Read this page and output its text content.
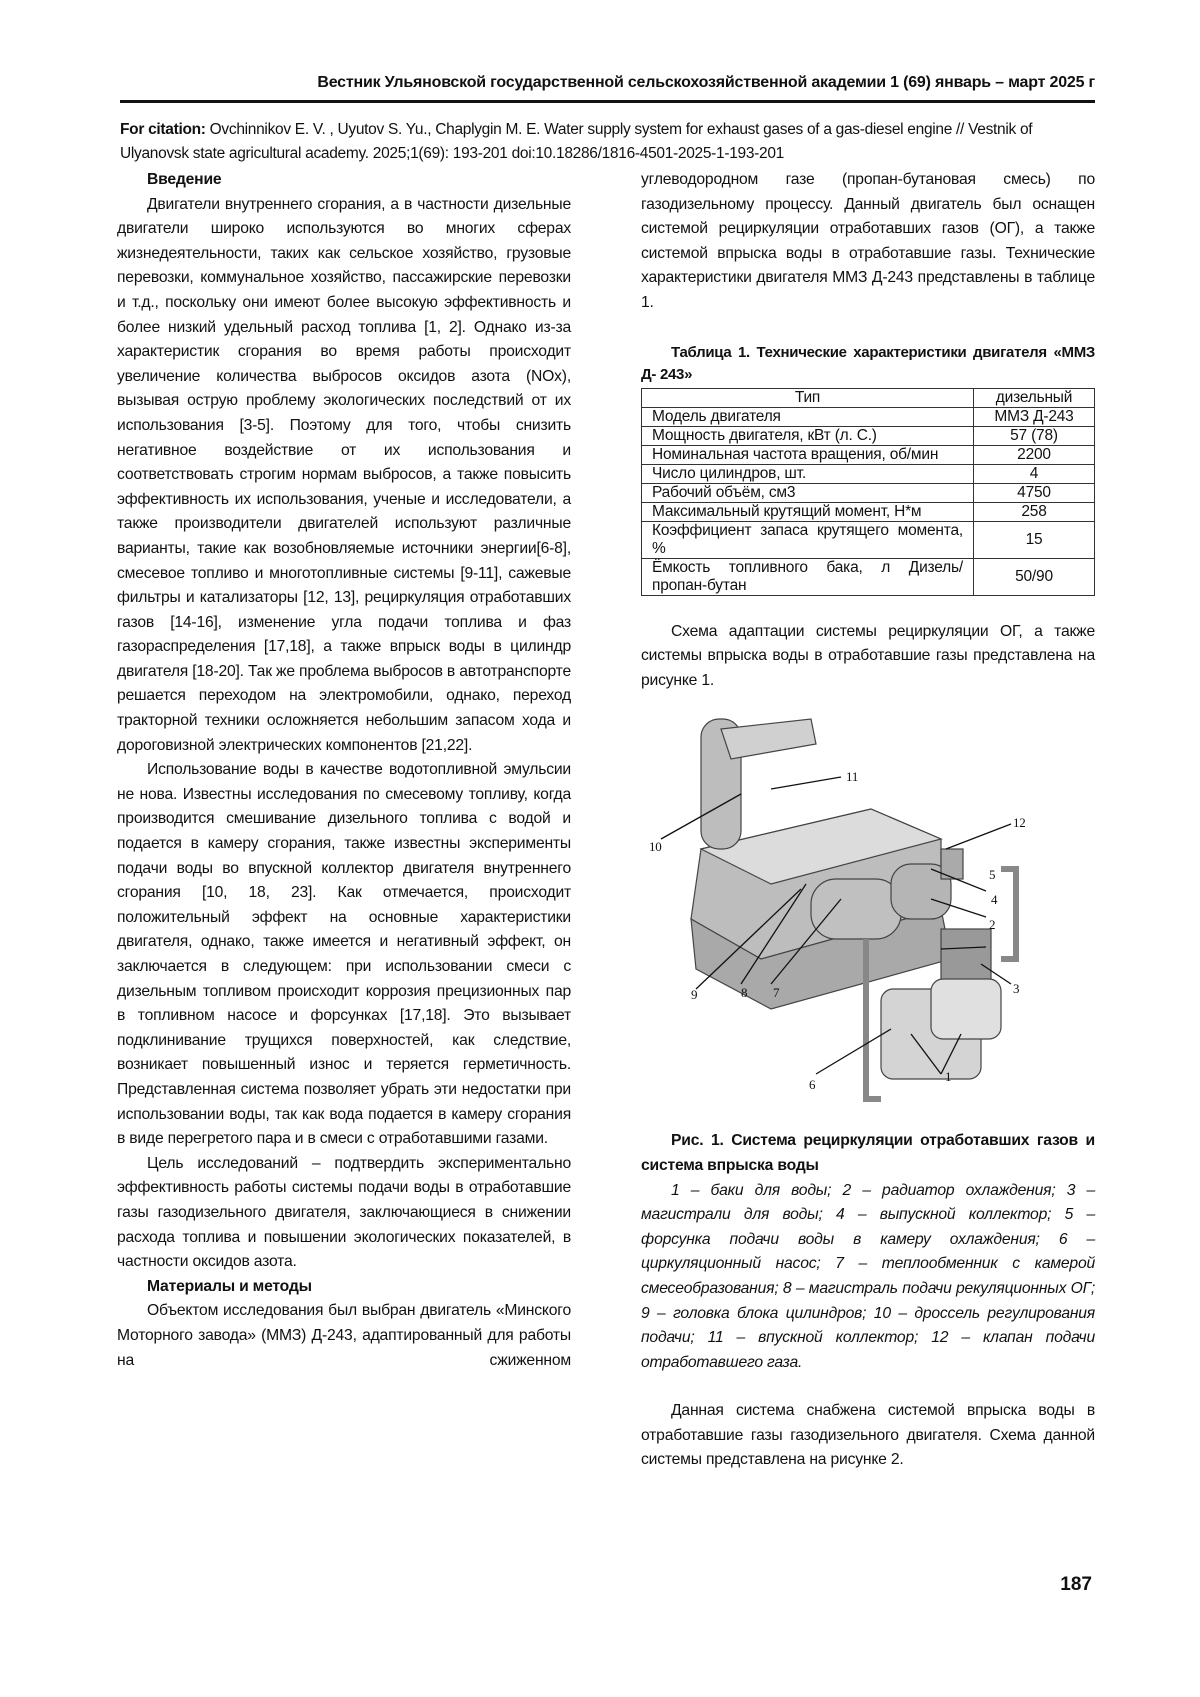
Вестник Ульяновской государственной сельскохозяйственной академии 1 (69) январь – март 2025 г
For citation: Ovchinnikov E. V. , Uyutov S. Yu., Chaplygin M. E. Water supply system for exhaust gases of a gas-diesel engine // Vestnik of Ulyanovsk state agricultural academy. 2025;1(69): 193-201 doi:10.18286/1816-4501-2025-1-193-201
Введение

Двигатели внутреннего сгорания, а в частности дизельные двигатели широко используются во многих сферах жизнедеятельности, таких как сельское хозяйство, грузовые перевозки, коммунальное хозяйство, пассажирские перевозки и т.д., поскольку они имеют более высокую эффективность и более низкий удельный расход топлива [1, 2]. Однако из-за характеристик сгорания во время работы происходит увеличение количества выбросов оксидов азота (NOx), вызывая острую проблему экологических последствий от их использования [3-5]. Поэтому для того, чтобы снизить негативное воздействие от их использования и соответствовать строгим нормам выбросов, а также повысить эффективность их использования, ученые и исследователи, а также производители двигателей используют различные варианты, такие как возобновляемые источники энергии[6-8], смесевое топливо и многотопливные системы [9-11], сажевые фильтры и катализаторы [12, 13], рециркуляция отработавших газов [14-16], изменение угла подачи топлива и фаз газораспределения [17,18], а также впрыск воды в цилиндр двигателя [18-20]. Так же проблема выбросов в автотранспорте решается переходом на электромобили, однако, переход тракторной техники осложняется небольшим запасом хода и дороговизной электрических компонентов [21,22].

Использование воды в качестве водотопливной эмульсии не нова. Известны исследования по смесевому топливу, когда производится смешивание дизельного топлива с водой и подается в камеру сгорания, также известны эксперименты подачи воды во впускной коллектор двигателя внутреннего сгорания [10, 18, 23]. Как отмечается, происходит положительный эффект на основные характеристики двигателя, однако, также имеется и негативный эффект, он заключается в следующем: при использовании смеси с дизельным топливом происходит коррозия прецизионных пар в топливном насосе и форсунках [17,18]. Это вызывает подклинивание трущихся поверхностей, как следствие, возникает повышенный износ и теряется герметичность. Представленная система позволяет убрать эти недостатки при использовании воды, так как вода подается в камеру сгорания в виде перегретого пара и в смеси с отработавшими газами.

Цель исследований – подтвердить экспериментально эффективность работы системы подачи воды в отработавшие газы газодизельного двигателя, заключающиеся в снижении расхода топлива и повышении экологических показателей, в частности оксидов азота.

Материалы и методы

Объектом исследования был выбран двигатель «Минского Моторного завода» (ММЗ) Д-243, адаптированный для работы на сжиженном

углеводородном газе (пропан-бутановая смесь) по газодизельному процессу. Данный двигатель был оснащен системой рециркуляции отработавших газов (ОГ), а также системой впрыска воды в отработавшие газы. Технические характеристики двигателя ММЗ Д-243 представлены в таблице 1.

Таблица 1. Технические характеристики двигателя «ММЗ Д- 243»

Тип	дизельный
Модель двигателя	ММЗ Д-243
Мощность двигателя, кВт (л. С.)	57 (78)
Номинальная частота вращения, об/мин	2200
Число цилиндров, шт.	4
Рабочий объём, см3	4750
Максимальный крутящий момент, Н*м	258
Коэффициент запаса крутящего момента, %	15
Ёмкость топливного бака, л Дизель/ пропан-бутан	50/90

Схема адаптации системы рециркуляции ОГ, а также системы впрыска воды в отработавшие газы представлена на рисунке 1.

1
2
3
4
5
6
7
8
9
10
11
12

Рис. 1. Система рециркуляции отработавших газов и система впрыска воды

1 – баки для воды; 2 – радиатор охлаждения; 3 – магистрали для воды; 4 – выпускной коллектор; 5 – форсунка подачи воды в камеру охлаждения; 6 – циркуляционный насос; 7 – теплообменник с камерой смесеобразования; 8 – магистраль подачи рекуляционных ОГ; 9 – головка блока цилиндров; 10 – дроссель регулирования подачи; 11 – впускной коллектор; 12 – клапан подачи отработавшего газа.

Данная система снабжена системой впрыска воды в отработавшие газы газодизельного двигателя. Схема данной системы представлена на рисунке 2.

187
